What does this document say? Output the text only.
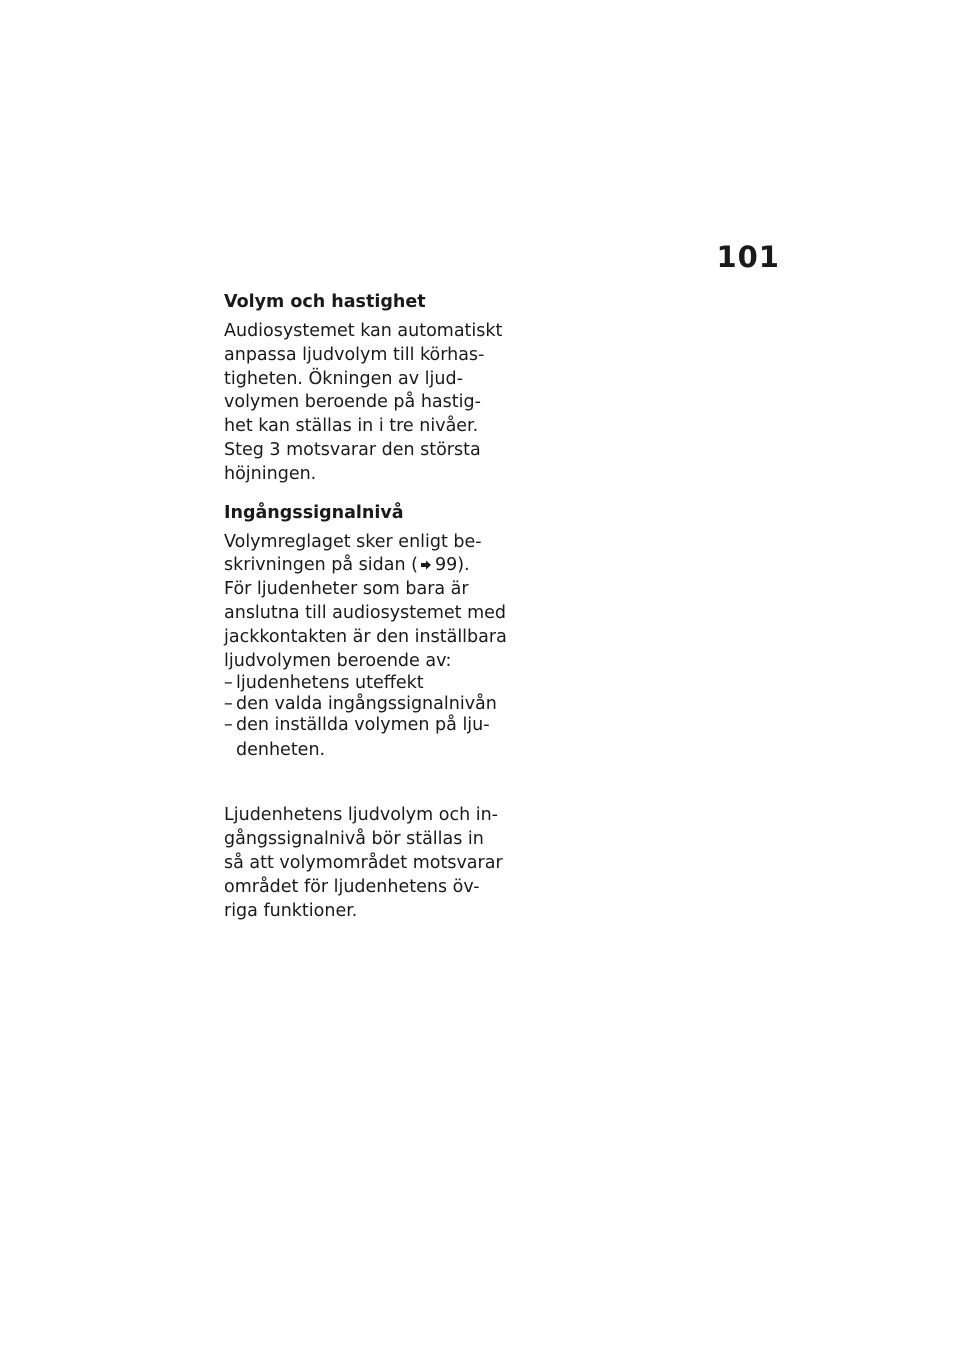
101
Volym och hastighet
Audiosystemet kan automatiskt
anpassa ljudvolym till körhas-
tigheten. Ökningen av ljud-
volymen beroende på hastig-
het kan ställas in i tre nivåer.
Steg 3 motsvarar den största
höjningen.
Ingångssignalnivå
Volymreglaget sker enligt be-
skrivningen på sidan ( 99).
För ljudenheter som bara är
anslutna till audiosystemet med
jackkontakten är den inställbara
ljudvolymen beroende av:
– ljudenhetens uteffekt
– den valda ingångssignalnivån
– den inställda volymen på lju-
denheten.
Ljudenhetens ljudvolym och in-
gångssignalnivå bör ställas in
så att volymområdet motsvarar
området för ljudenhetens öv-
riga funktioner.
